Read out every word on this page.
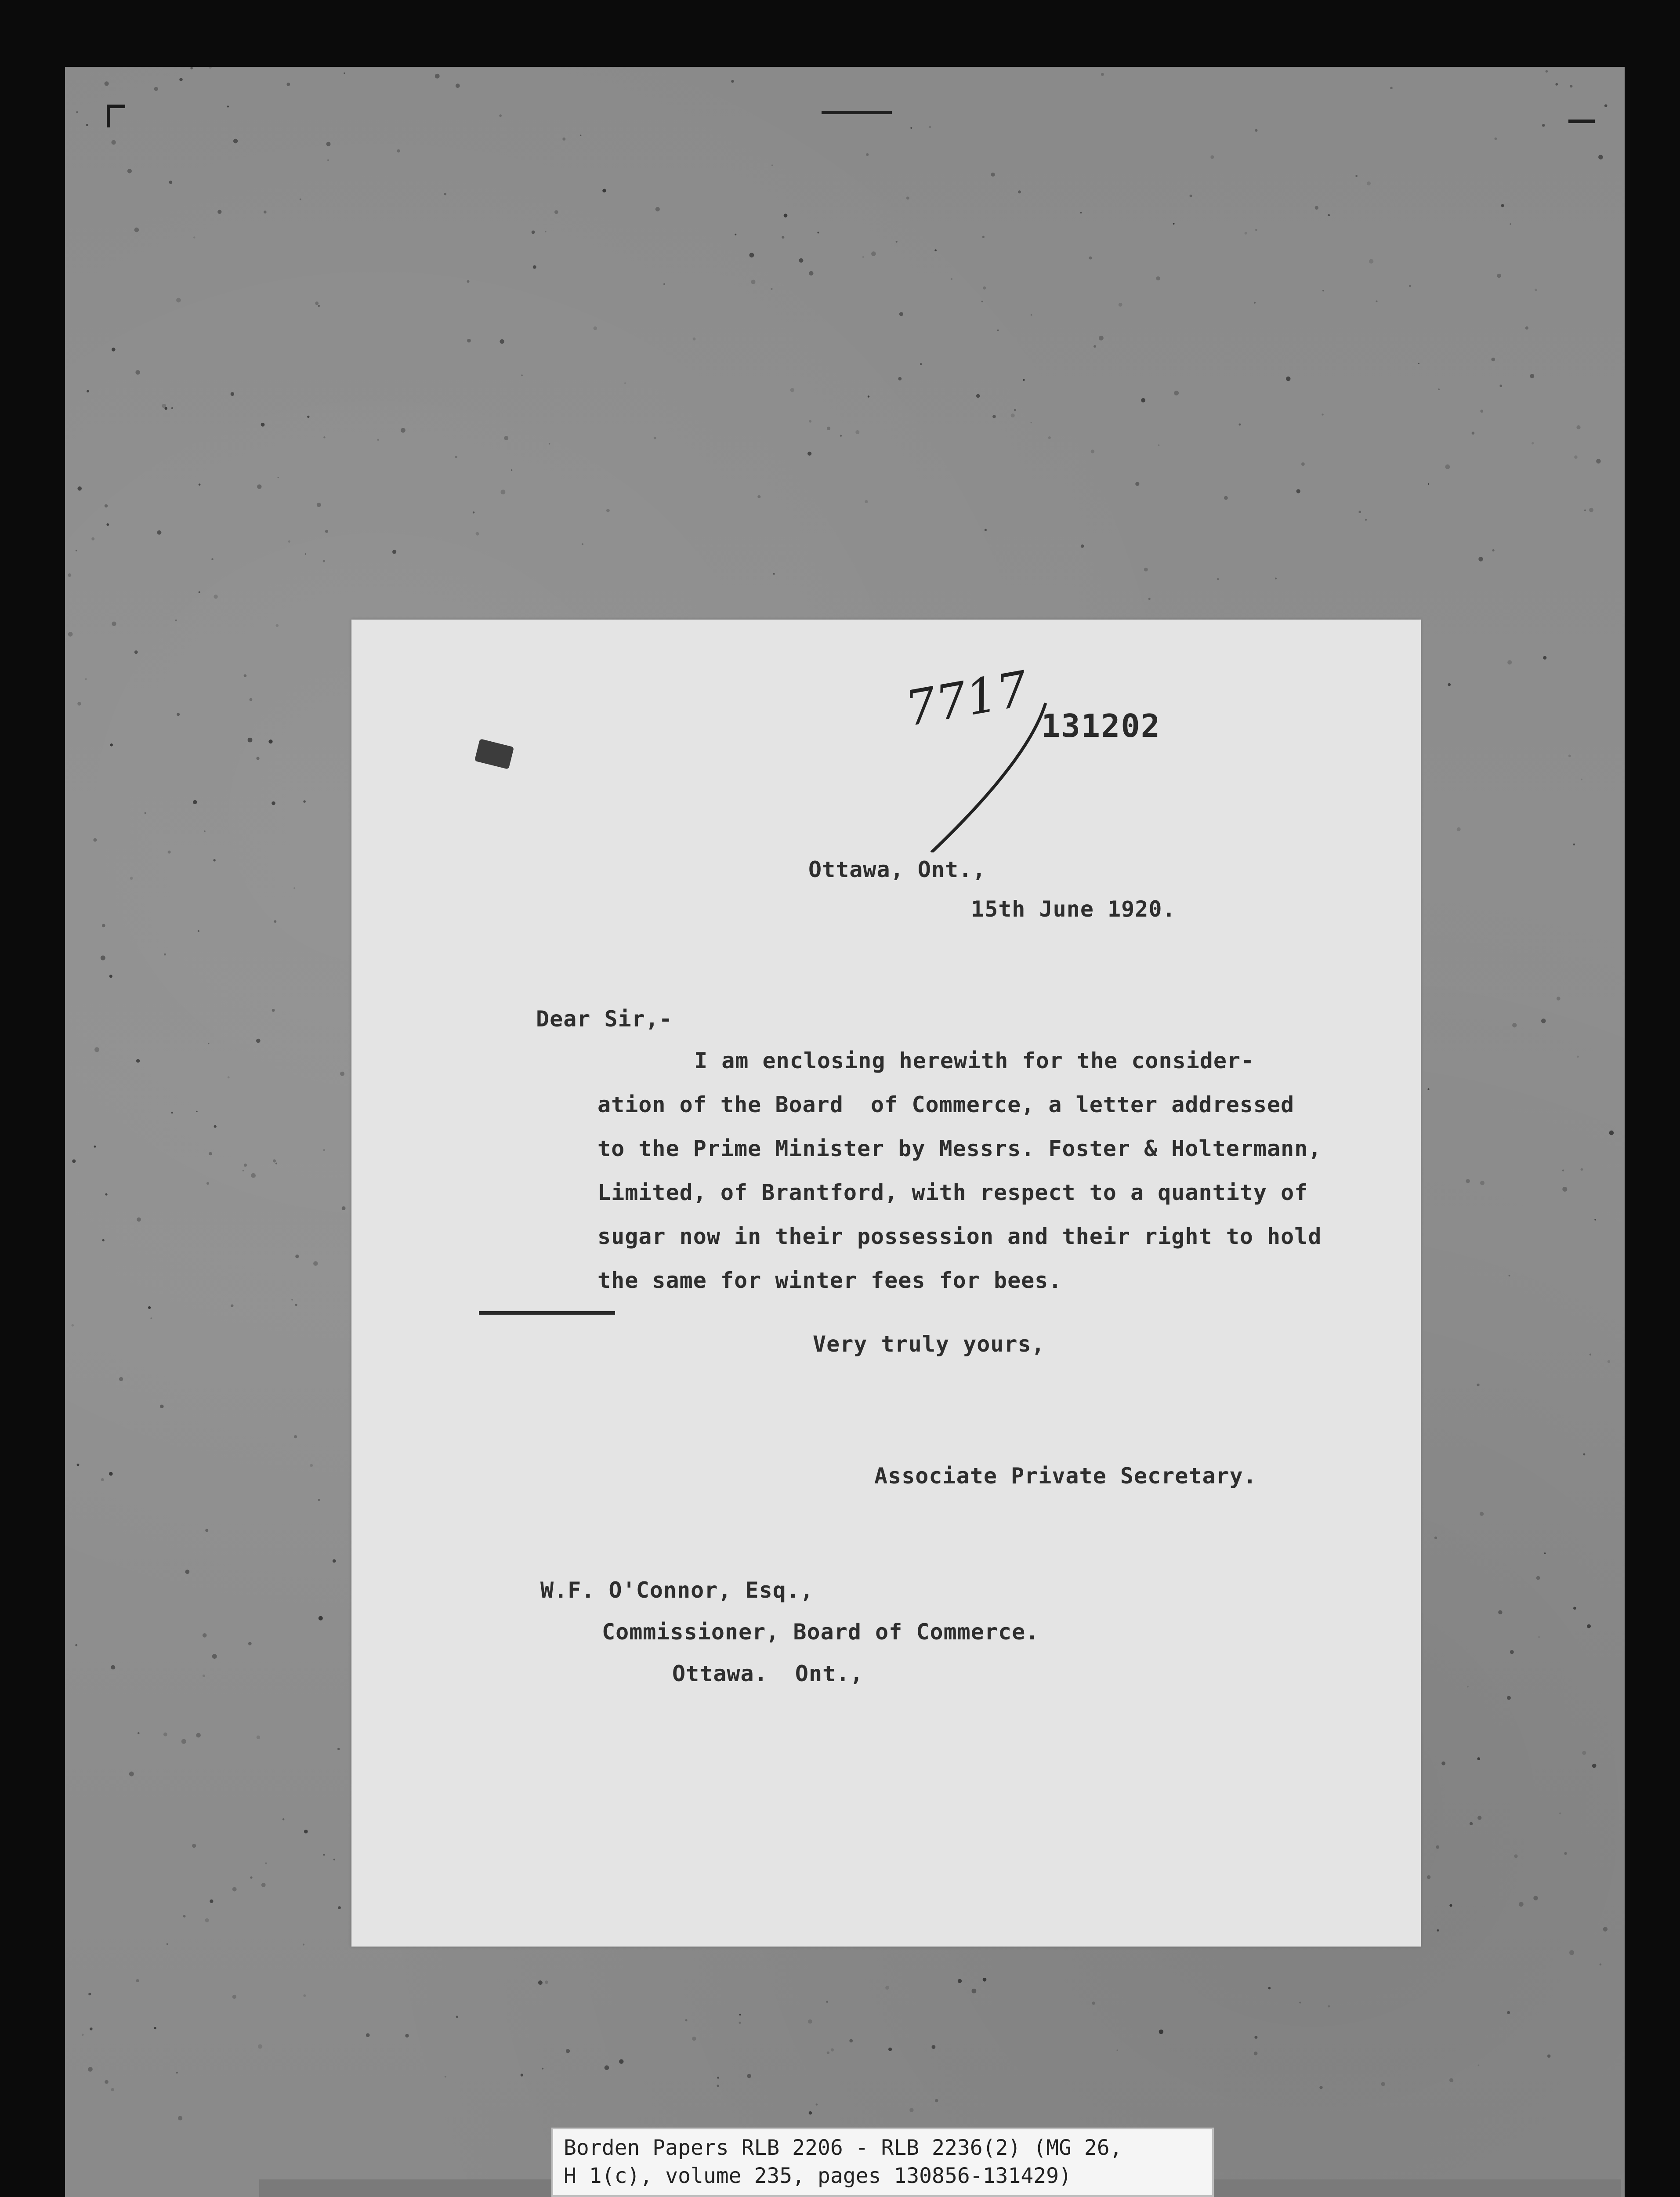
7717 131202
Ottawa, Ont.,
15th June 1920.
Dear Sir,-
I am enclosing herewith for the consider-
ation of the Board  of Commerce, a letter addressed
to the Prime Minister by Messrs. Foster & Holtermann,
Limited, of Brantford, with respect to a quantity of
sugar now in their possession and their right to hold
the same for winter fees for bees.
Very truly yours,
Associate Private Secretary.
W.F. O'Connor, Esq.,
Commissioner, Board of Commerce.
Ottawa.  Ont.,
Borden Papers RLB 2206 - RLB 2236(2) (MG 26,
H 1(c), volume 235, pages 130856-131429)
